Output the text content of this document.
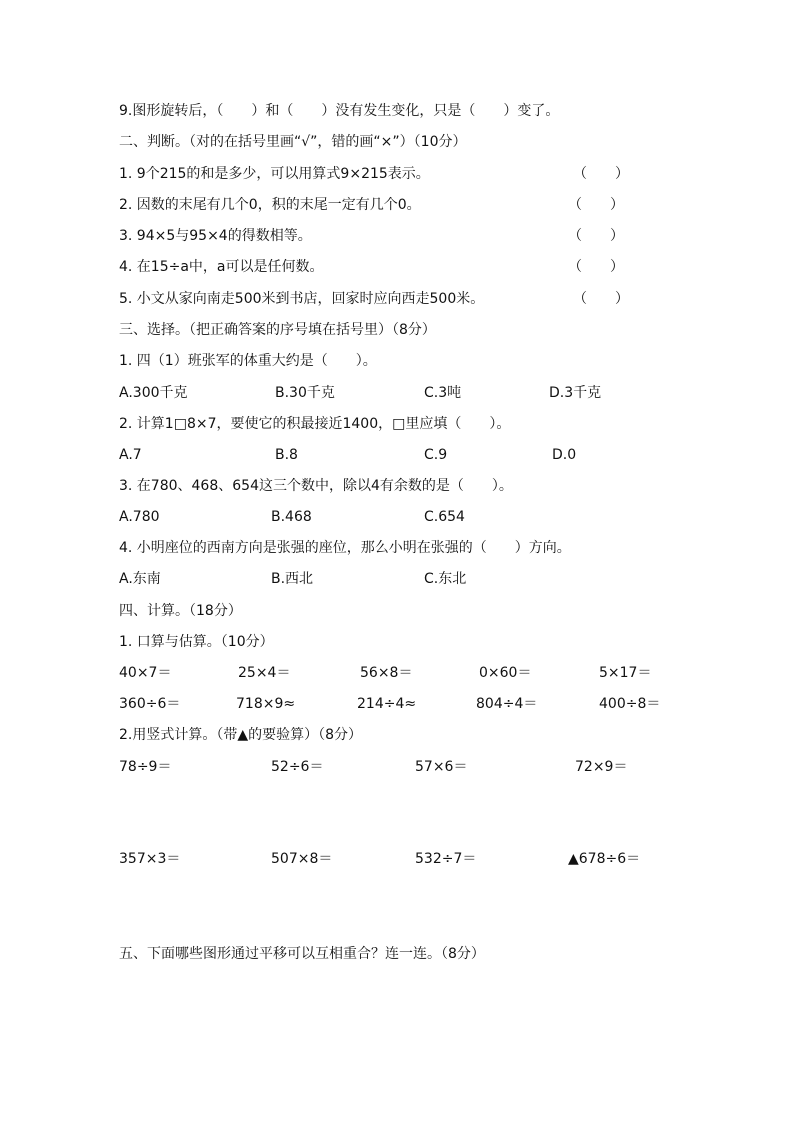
9.图形旋转后，（　　）和（　　）没有发生变化，只是（　　）变了。
二、判断。（对的在括号里画“√”，错的画“×”）（10分）
1. 9个215的和是多少，可以用算式9×215表示。	（　　）
2. 因数的末尾有几个0，积的末尾一定有几个0。	（　　）
3. 94×5与95×4的得数相等。	（　　）
4. 在15÷a中，a可以是任何数。	（　　）
5. 小文从家向南走500米到书店，回家时应向西走500米。	（　　）
三、选择。（把正确答案的序号填在括号里）（8分）
1. 四（1）班张军的体重大约是（　　）。
A.300千克	B.30千克	C.3吨	D.3千克
2. 计算1□8×7，要使它的积最接近1400，□里应填（　　）。
A.7	B.8	C.9	D.0
3. 在780、468、654这三个数中，除以4有余数的是（　　）。
A.780	B.468	C.654
4. 小明座位的西南方向是张强的座位，那么小明在张强的（　　）方向。
A.东南	B.西北	C.东北
四、计算。（18分）
1. 口算与估算。（10分）
40×7＝	25×4＝	56×8＝	0×60＝	5×17＝
360÷6＝	718×9≈	214÷4≈	804÷4＝	400÷8＝
2.用竖式计算。（带▲的要验算）（8分）
78÷9＝	52÷6＝	57×6＝	72×9＝
357×3＝	507×8＝	532÷7＝	▲678÷6＝
五、下面哪些图形通过平移可以互相重合？连一连。（8分）
